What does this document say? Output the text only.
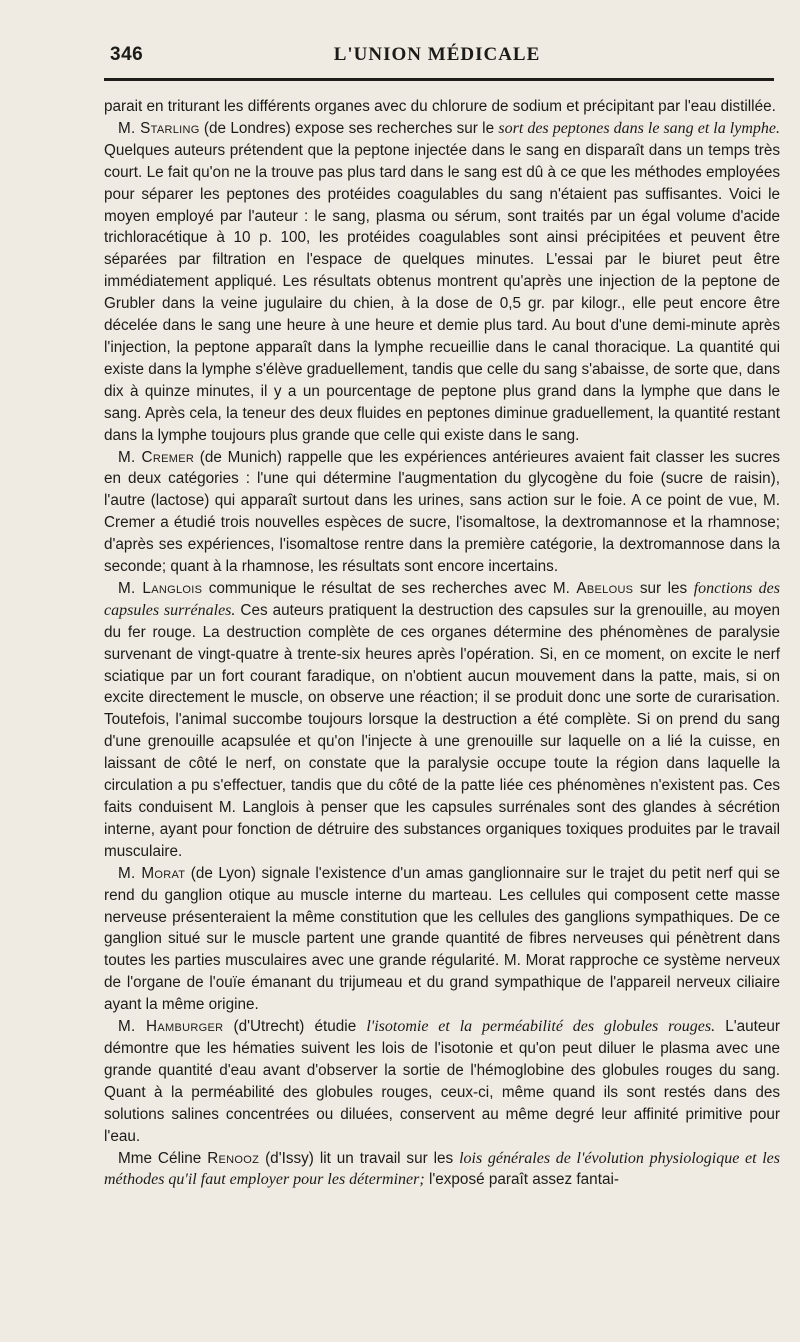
346	L'UNION MÉDICALE

parait en triturant les différents organes avec du chlorure de sodium et précipitant par l'eau distillée.

M. Starling (de Londres) expose ses recherches sur le sort des peptones dans le sang et la lymphe. Quelques auteurs prétendent que la peptone injectée dans le sang en disparaît dans un temps très court. Le fait qu'on ne la trouve pas plus tard dans le sang est dû à ce que les méthodes employées pour séparer les peptones des protéides coagulables du sang n'étaient pas suffisantes. Voici le moyen employé par l'auteur : le sang, plasma ou sérum, sont traités par un égal volume d'acide trichloracétique à 10 p. 100, les protéides coagulables sont ainsi précipitées et peuvent être séparées par filtration en l'espace de quelques minutes. L'essai par le biuret peut être immédiatement appliqué. Les résultats obtenus montrent qu'après une injection de la peptone de Grubler dans la veine jugulaire du chien, à la dose de 0,5 gr. par kilogr., elle peut encore être décelée dans le sang une heure à une heure et demie plus tard. Au bout d'une demi-minute après l'injection, la peptone apparaît dans la lymphe recueillie dans le canal thoracique. La quantité qui existe dans la lymphe s'élève graduellement, tandis que celle du sang s'abaisse, de sorte que, dans dix à quinze minutes, il y a un pourcentage de peptone plus grand dans la lymphe que dans le sang. Après cela, la teneur des deux fluides en peptones diminue graduellement, la quantité restant dans la lymphe toujours plus grande que celle qui existe dans le sang.

M. Cremer (de Munich) rappelle que les expériences antérieures avaient fait classer les sucres en deux catégories : l'une qui détermine l'augmentation du glycogène du foie (sucre de raisin), l'autre (lactose) qui apparaît surtout dans les urines, sans action sur le foie. A ce point de vue, M. Cremer a étudié trois nouvelles espèces de sucre, l'isomaltose, la dextromannose et la rhamnose; d'après ses expériences, l'isomaltose rentre dans la première catégorie, la dextromannose dans la seconde; quant à la rhamnose, les résultats sont encore incertains.

M. Langlois communique le résultat de ses recherches avec M. Abelous sur les fonctions des capsules surrénales. Ces auteurs pratiquent la destruction des capsules sur la grenouille, au moyen du fer rouge. La destruction complète de ces organes détermine des phénomènes de paralysie survenant de vingt-quatre à trente-six heures après l'opération. Si, en ce moment, on excite le nerf sciatique par un fort courant faradique, on n'obtient aucun mouvement dans la patte, mais, si on excite directement le muscle, on observe une réaction; il se produit donc une sorte de curarisation. Toutefois, l'animal succombe toujours lorsque la destruction a été complète. Si on prend du sang d'une grenouille acapsulée et qu'on l'injecte à une grenouille sur laquelle on a lié la cuisse, en laissant de côté le nerf, on constate que la paralysie occupe toute la région dans laquelle la circulation a pu s'effectuer, tandis que du côté de la patte liée ces phénomènes n'existent pas. Ces faits conduisent M. Langlois à penser que les capsules surrénales sont des glandes à sécrétion interne, ayant pour fonction de détruire des substances organiques toxiques produites par le travail musculaire.

M. Morat (de Lyon) signale l'existence d'un amas ganglionnaire sur le trajet du petit nerf qui se rend du ganglion otique au muscle interne du marteau. Les cellules qui composent cette masse nerveuse présenteraient la même constitution que les cellules des ganglions sympathiques. De ce ganglion situé sur le muscle partent une grande quantité de fibres nerveuses qui pénètrent dans toutes les parties musculaires avec une grande régularité. M. Morat rapproche ce système nerveux de l'organe de l'ouïe émanant du trijumeau et du grand sympathique de l'appareil nerveux ciliaire ayant la même origine.

M. Hamburger (d'Utrecht) étudie l'isotomie et la perméabilité des globules rouges. L'auteur démontre que les hématies suivent les lois de l'isotonie et qu'on peut diluer le plasma avec une grande quantité d'eau avant d'observer la sortie de l'hémoglobine des globules rouges du sang. Quant à la perméabilité des globules rouges, ceux-ci, même quand ils sont restés dans des solutions salines concentrées ou diluées, conservent au même degré leur affinité primitive pour l'eau.

Mme Céline Renooz (d'Issy) lit un travail sur les lois générales de l'évolution physiologique et les méthodes qu'il faut employer pour les déterminer; l'exposé paraît assez fantai-
